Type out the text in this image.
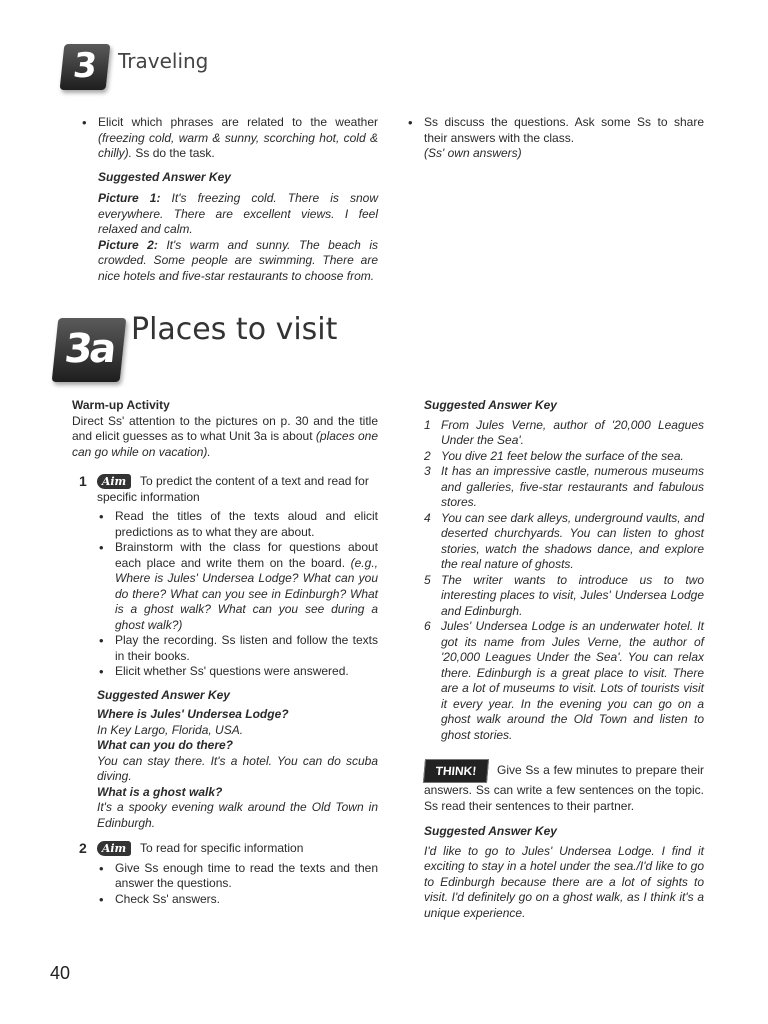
3 Traveling
• Elicit which phrases are related to the weather (freezing cold, warm & sunny, scorching hot, cold & chilly). Ss do the task.
Suggested Answer Key
Picture 1: It's freezing cold. There is snow everywhere. There are excellent views. I feel relaxed and calm.
Picture 2: It's warm and sunny. The beach is crowded. Some people are swimming. There are nice hotels and five-star restaurants to choose from.
• Ss discuss the questions. Ask some Ss to share their answers with the class.
(Ss' own answers)
3a Places to visit
Warm-up Activity
Direct Ss' attention to the pictures on p. 30 and the title and elicit guesses as to what Unit 3a is about (places one can go while on vacation).
1 Aim To predict the content of a text and read for specific information
• Read the titles of the texts aloud and elicit predictions as to what they are about.
• Brainstorm with the class for questions about each place and write them on the board. (e.g., Where is Jules' Undersea Lodge? What can you do there? What can you see in Edinburgh? What is a ghost walk? What can you see during a ghost walk?)
• Play the recording. Ss listen and follow the texts in their books.
• Elicit whether Ss' questions were answered.
Suggested Answer Key
Where is Jules' Undersea Lodge?
In Key Largo, Florida, USA.
What can you do there?
You can stay there. It's a hotel. You can do scuba diving.
What is a ghost walk?
It's a spooky evening walk around the Old Town in Edinburgh.
2 Aim To read for specific information
• Give Ss enough time to read the texts and then answer the questions.
• Check Ss' answers.
Suggested Answer Key
1 From Jules Verne, author of '20,000 Leagues Under the Sea'.
2 You dive 21 feet below the surface of the sea.
3 It has an impressive castle, numerous museums and galleries, five-star restaurants and fabulous stores.
4 You can see dark alleys, underground vaults, and deserted churchyards. You can listen to ghost stories, watch the shadows dance, and explore the real nature of ghosts.
5 The writer wants to introduce us to two interesting places to visit, Jules' Undersea Lodge and Edinburgh.
6 Jules' Undersea Lodge is an underwater hotel. It got its name from Jules Verne, the author of '20,000 Leagues Under the Sea'. You can relax there. Edinburgh is a great place to visit. There are a lot of museums to visit. Lots of tourists visit it every year. In the evening you can go on a ghost walk around the Old Town and listen to ghost stories.
THINK! Give Ss a few minutes to prepare their answers. Ss can write a few sentences on the topic. Ss read their sentences to their partner.
Suggested Answer Key
I'd like to go to Jules' Undersea Lodge. I find it exciting to stay in a hotel under the sea./I'd like to go to Edinburgh because there are a lot of sights to visit. I'd definitely go on a ghost walk, as I think it's a unique experience.
40
